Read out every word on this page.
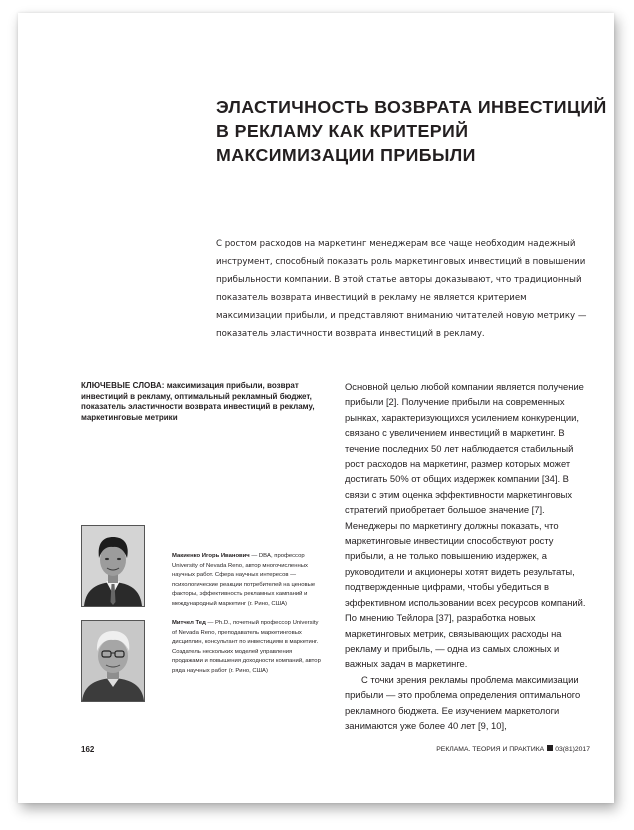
ЭЛАСТИЧНОСТЬ ВОЗВРАТА ИНВЕСТИЦИЙ В РЕКЛАМУ КАК КРИТЕРИЙ МАКСИМИЗАЦИИ ПРИБЫЛИ

С ростом расходов на маркетинг менеджерам все чаще необходим надежный инструмент, способный показать роль маркетинговых инвестиций в повышении прибыльности компании. В этой статье авторы доказывают, что традиционный показатель возврата инвестиций в рекламу не является критерием максимизации прибыли, и представляют вниманию читателей новую метрику — показатель эластичности возврата инвестиций в рекламу.

КЛЮЧЕВЫЕ СЛОВА: максимизация прибыли, возврат инвестиций в рекламу, оптимальный рекламный бюджет, показатель эластичности возврата инвестиций в рекламу, маркетинговые метрики

Макиенко Игорь Иванович — DBA, профессор University of Nevada Reno, автор многочисленных научных работ. Сфера научных интересов — психологические реакции потребителей на ценовые факторы, эффективность рекламных кампаний и международный маркетинг (г. Рино, США)

Митчел Тед — Ph.D., почетный профессор University of Nevada Reno, преподаватель маркетинговых дисциплин, консультант по инвестициям в маркетинг. Создатель нескольких моделей управления продажами и повышения доходности компаний, автор ряда научных работ (г. Рино, США)

Основной целью любой компании является получение прибыли [2]. Получение прибыли на современных рынках, характеризующихся усилением конкуренции, связано с увеличением инвестиций в маркетинг. В течение последних 50 лет наблюдается стабильный рост расходов на маркетинг, размер которых может достигать 50% от общих издержек компании [34]. В связи с этим оценка эффективности маркетинговых стратегий приобретает большое значение [7]. Менеджеры по маркетингу должны показать, что маркетинговые инвестиции способствуют росту прибыли, а не только повышению издержек, а руководители и акционеры хотят видеть результаты, подтвержденные цифрами, чтобы убедиться в эффективном использовании всех ресурсов компаний. По мнению Тейлора [37], разработка новых маркетинговых метрик, связывающих расходы на рекламу и прибыль, — одна из самых сложных и важных задач в маркетинге.

С точки зрения рекламы проблема максимизации прибыли — это проблема определения оптимального рекламного бюджета. Ее изучением маркетологи занимаются уже более 40 лет [9, 10],

162	РЕКЛАМА. ТЕОРИЯ И ПРАКТИКА 03(81)2017
